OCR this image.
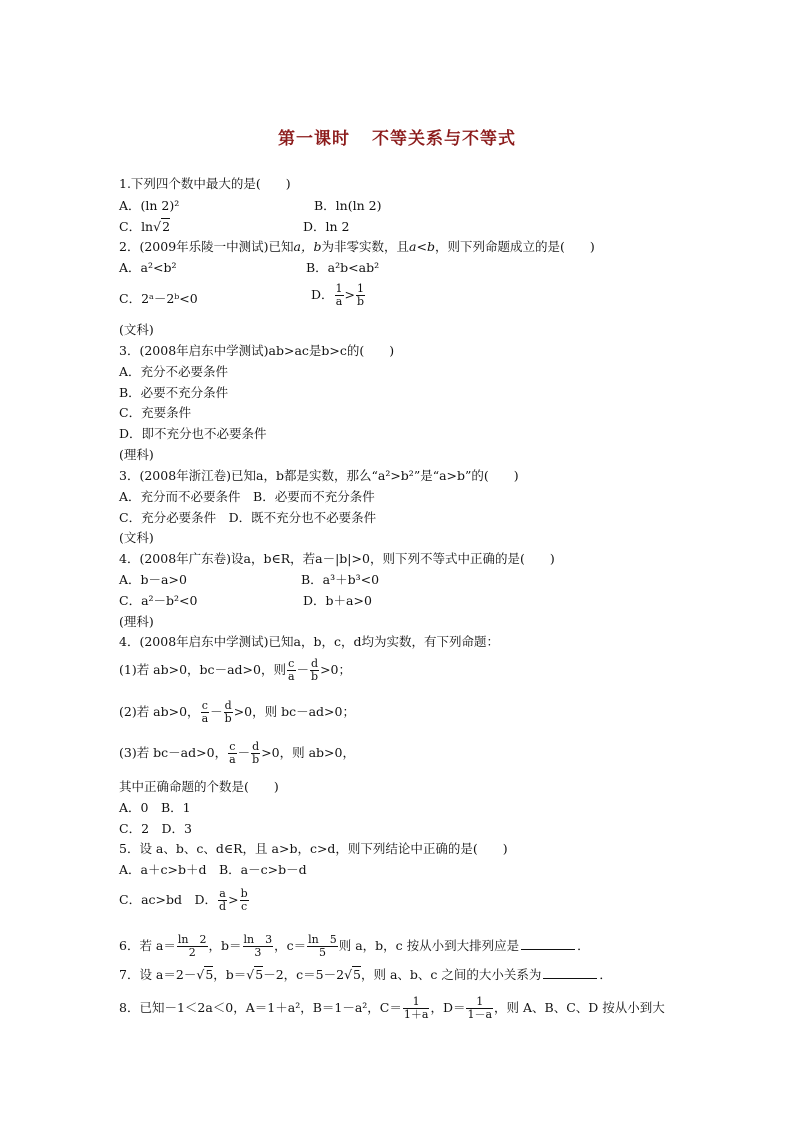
第一课时 不等关系与不等式
1.下列四个数中最大的是(　　)
A．(ln 2)²	B．ln(ln 2)
C．ln√2	D．ln 2
2．(2009年乐陵一中测试)已知a，b为非零实数，且a<b，则下列命题成立的是(　　)
A．a²<b²	B．a²b<ab²
C．2ᵃ－2ᵇ<0	D． $\frac{1}{a} > \frac{1}{b}$
(文科)
3．(2008年启东中学测试)ab>ac是b>c的(　　)
A．充分不必要条件
B．必要不充分条件
C．充要条件
D．即不充分也不必要条件
(理科)
3．(2008年浙江卷)已知a，b都是实数，那么“a²>b²”是“a>b”的(　　)
A．充分而不必要条件　B．必要而不充分条件
C．充分必要条件　D．既不充分也不必要条件
(文科)
4．(2008年广东卷)设a，b∈R，若a－|b|>0，则下列不等式中正确的是(　　)
A．b－a>0	B．a³＋b³<0
C．a²－b²<0	D．b＋a>0
(理科)
4．(2008年启东中学测试)已知a，b，c，d均为实数，有下列命题：
(1)若 ab>0，bc－ad>0，则 $\frac{c}{a} - \frac{d}{b} >0$；
(2)若 ab>0， $\frac{c}{a} - \frac{d}{b} >0$，则 bc－ad>0；
(3)若 bc－ad>0， $\frac{c}{a} - \frac{d}{b} >0$，则 ab>0，
其中正确命题的个数是(　　)
A．0　B．1
C．2　D．3
5．设 a、b、c、d∈R，且 a>b，c>d，则下列结论中正确的是(　　)
A．a＋c>b＋d　B．a－c>b－d
C．ac>bd　D． $\frac{a}{d} > \frac{b}{c}$
6．若 $a= \frac{\ln 2}{2}$ ，$b= \frac{\ln 3}{3}$ ，$c= \frac{\ln 5}{5}$ 则 a，b，c 按从小到大排列应是	．
7．设 a＝2－√5，b＝√5－2，c＝5－2√5，则 a、b、c 之间的大小关系为	．
8．已知－1＜2a＜0，A＝1＋a²，B＝1－a²，$C= \frac{1}{1+a}$ ，$D= \frac{1}{1-a}$ ，则 A、B、C、D 按从小到大
